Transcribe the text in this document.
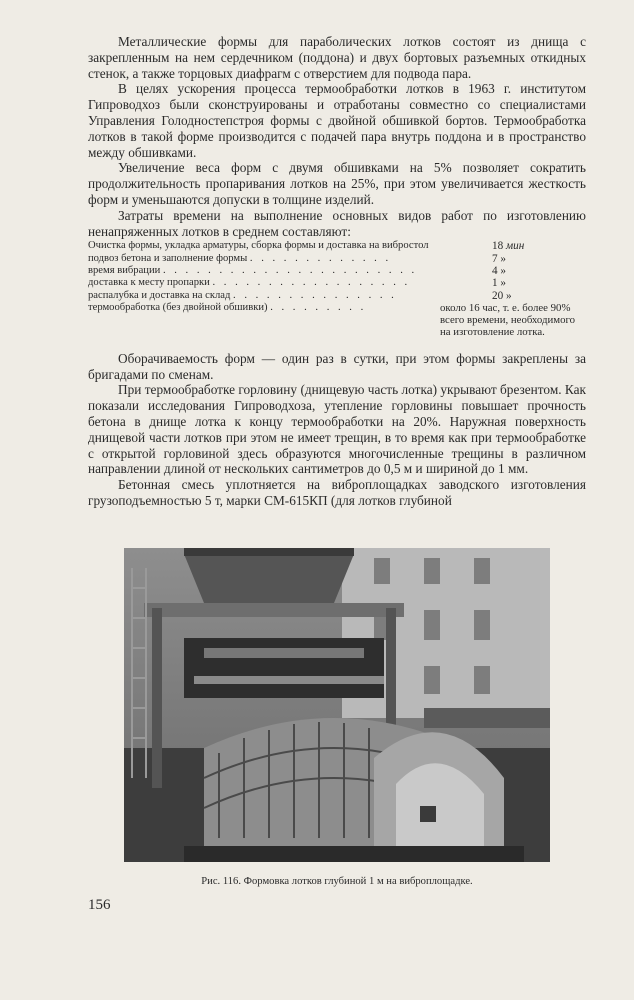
Металлические формы для параболических лотков состоят из днища с закрепленным на нем сердечником (поддона) и двух бортовых разъемных откидных стенок, а также торцовых диафрагм с отверстием для подвода пара.

В целях ускорения процесса термообработки лотков в 1963 г. институтом Гипроводхоз были сконструированы и отработаны совместно со специалистами Управления Голодностепстроя формы с двойной обшивкой бортов. Термообработка лотков в такой форме производится с подачей пара внутрь поддона и в пространство между обшивками.

Увеличение веса форм с двумя обшивками на 5% позволяет сократить продолжительность пропаривания лотков на 25%, при этом увеличивается жесткость форм и уменьшаются допуски в толщине изделий.

Затраты времени на выполнение основных видов работ по изготовлению ненапряженных лотков в среднем составляют:

Очистка формы, укладка арматуры, сборка формы и доставка на вибростол	18 мин
подвоз бетона и заполнение формы . . . . . . . . . . . . .	7 »
время вибрации . . . . . . . . . . . . . . . . . . . . . . .	4 »
доставка к месту пропарки . . . . . . . . . . . . . . . . . .	1 »
распалубка и доставка на склад . . . . . . . . . . . . . . .	20 »
термообработка (без двойной обшивки) . . . . . . . . .	около 16 час, т. е. более 90% всего времени, необходимого на изготовление лотка.

Оборачиваемость форм — один раз в сутки, при этом формы закреплены за бригадами по сменам.

При термообработке горловину (днищевую часть лотка) укрывают брезентом. Как показали исследования Гипроводхоза, утепление горловины повышает прочность бетона в днище лотка к концу термообработки на 20%. Наружная поверхность днищевой части лотков при этом не имеет трещин, в то время как при термообработке с открытой горловиной здесь образуются многочисленные трещины в различном направлении длиной от нескольких сантиметров до 0,5 м и шириной до 1 мм.

Бетонная смесь уплотняется на виброплощадках заводского изготовления грузоподъемностью 5 т, марки СМ-615КП (для лотков глубиной

Рис. 116. Формовка лотков глубиной 1 м на виброплощадке.
156
